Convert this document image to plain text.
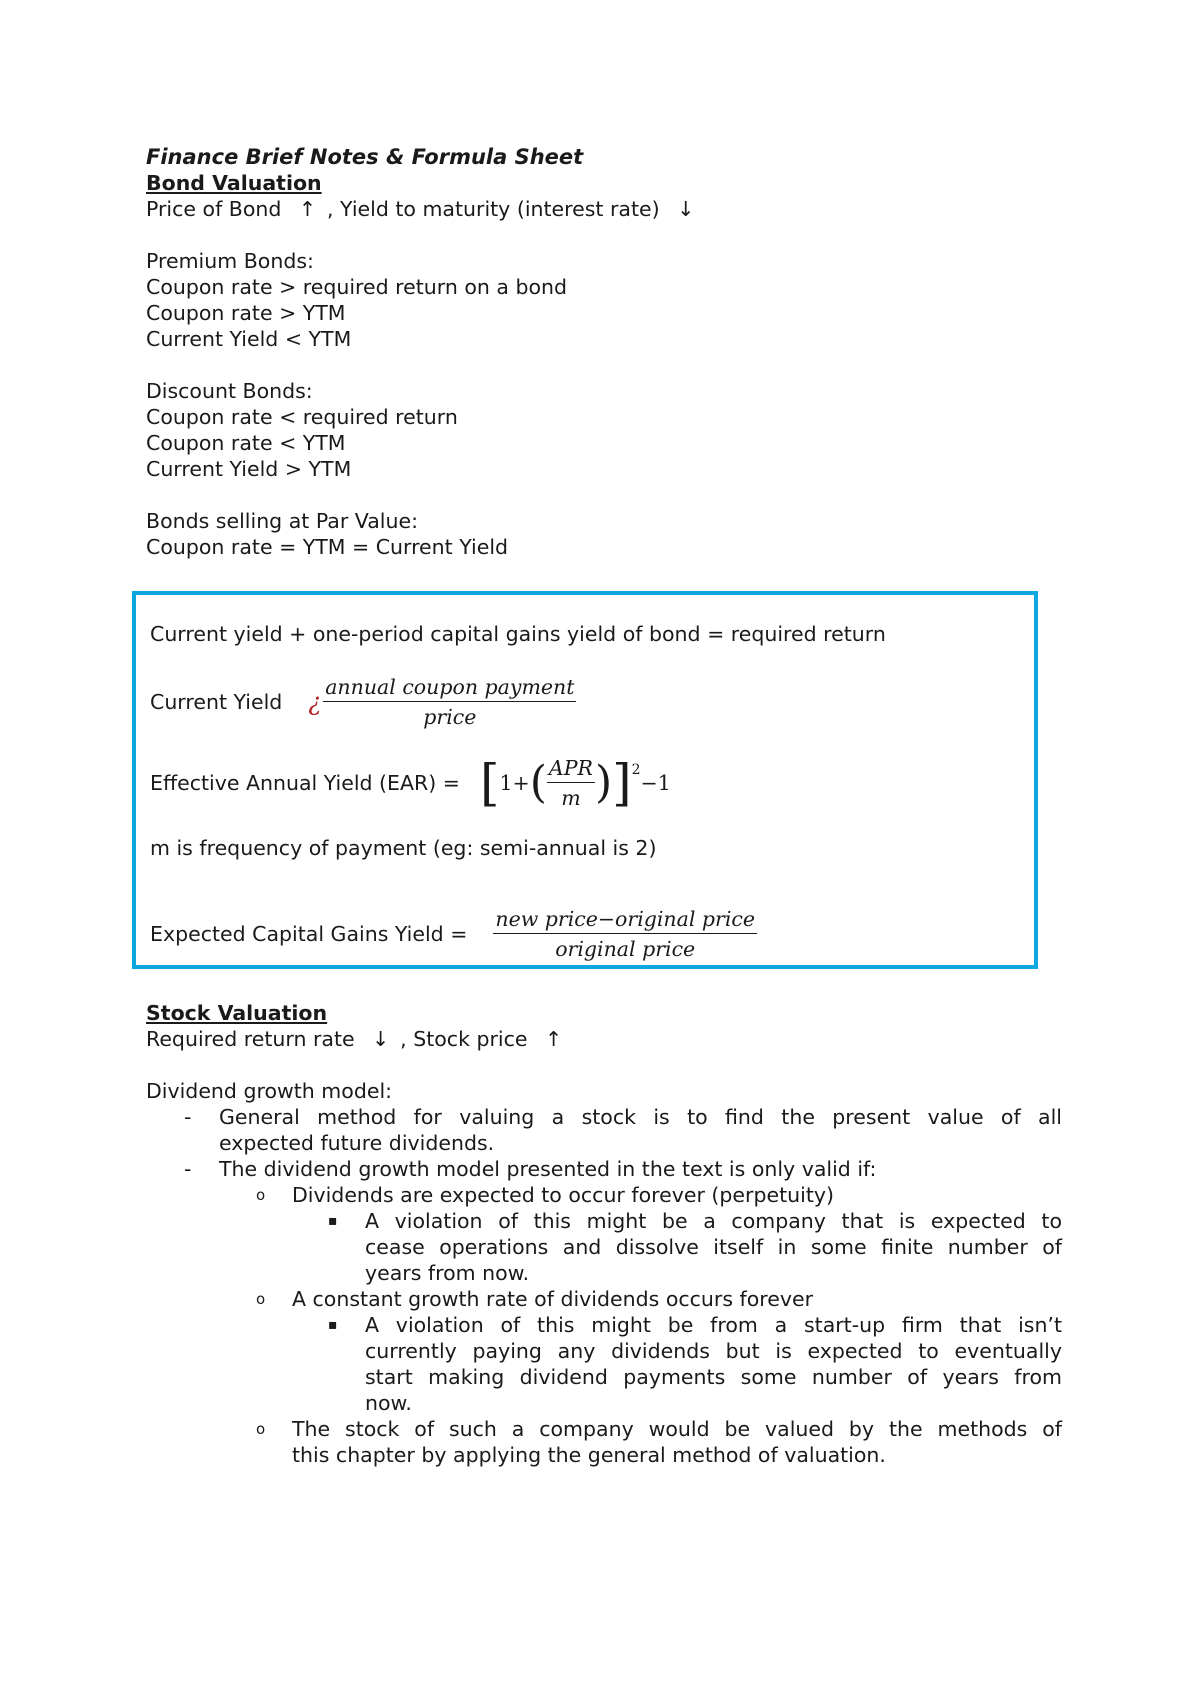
Finance Brief Notes & Formula Sheet
Bond Valuation
Price of Bond ↑ , Yield to maturity (interest rate) ↓
Premium Bonds:
Coupon rate > required return on a bond
Coupon rate > YTM
Current Yield < YTM
Discount Bonds:
Coupon rate < required return
Coupon rate < YTM
Current Yield > YTM
Bonds selling at Par Value:
Coupon rate = YTM = Current Yield
Current yield + one-period capital gains yield of bond = required return
Current Yield ¿ $\frac{\text{annual coupon payment}}{\text{price}}$
Effective Annual Yield (EAR) = [ 1+ ( $\frac{\text{APR}}{m}$ ) ] 2
−1
m is frequency of payment (eg: semi-annual is 2)
Expected Capital Gains Yield = $\frac{\text{new price−original price}}{\text{original price}}$
Stock Valuation
Required return rate ↓ , Stock price ↑
Dividend growth model:
- General method for valuing a stock is to find the present value of all
expected future dividends.
- The dividend growth model presented in the text is only valid if:
o Dividends are expected to occur forever (perpetuity)
▪ A violation of this might be a company that is expected to
cease operations and dissolve itself in some finite number of
years from now.
o A constant growth rate of dividends occurs forever
▪ A violation of this might be from a start-up firm that isn’t
currently paying any dividends but is expected to eventually
start making dividend payments some number of years from
now.
o The stock of such a company would be valued by the methods of
this chapter by applying the general method of valuation.
